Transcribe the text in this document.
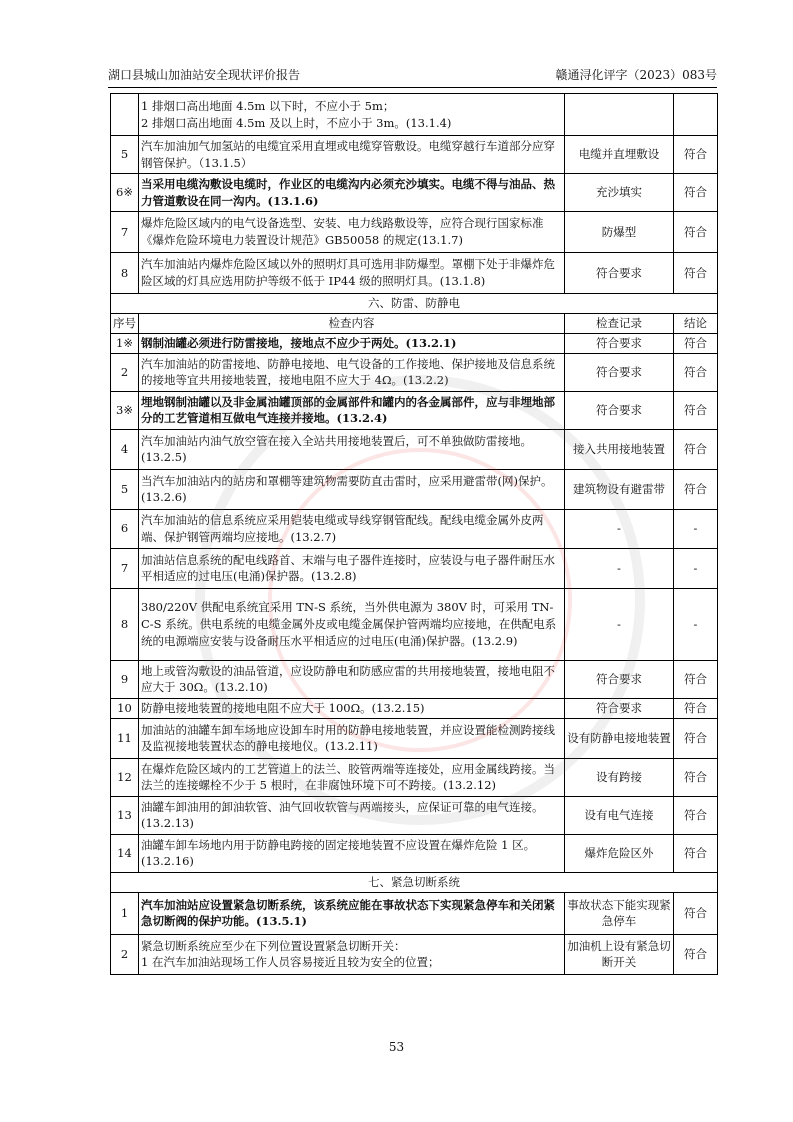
湖口县城山加油站安全现状评价报告	赣通浔化评字（2023）083号

	1 排烟口高出地面 4.5m 以下时，不应小于 5m；
2 排烟口高出地面 4.5m 及以上时，不应小于 3m。(13.1.4)		

5	汽车加油加气加氢站的电缆宜采用直埋或电缆穿管敷设。电缆穿越行车道部分应穿钢管保护。（13.1.5）	电缆并直埋敷设	符合
6※	当采用电缆沟敷设电缆时，作业区的电缆沟内必须充沙填实。电缆不得与油品、热力管道敷设在同一沟内。(13.1.6)	充沙填实	符合
7	爆炸危险区域内的电气设备选型、安装、电力线路敷设等，应符合现行国家标准《爆炸危险环境电力装置设计规范》GB50058 的规定(13.1.7)	防爆型	符合
8	汽车加油站内爆炸危险区域以外的照明灯具可选用非防爆型。罩棚下处于非爆炸危险区域的灯具应选用防护等级不低于 IP44 级的照明灯具。(13.1.8)	符合要求	符合
六、防雷、防静电			
序号	检查内容	检查记录	结论
1※	钢制油罐必须进行防雷接地，接地点不应少于两处。(13.2.1)	符合要求	符合
2	汽车加油站的防雷接地、防静电接地、电气设备的工作接地、保护接地及信息系统的接地等宜共用接地装置，接地电阻不应大于 4Ω。(13.2.2)	符合要求	符合
3※	埋地钢制油罐以及非金属油罐顶部的金属部件和罐内的各金属部件，应与非埋地部分的工艺管道相互做电气连接并接地。(13.2.4)	符合要求	符合
4	汽车加油站内油气放空管在接入全站共用接地装置后，可不单独做防雷接地。(13.2.5)	接入共用接地装置	符合
5	当汽车加油站内的站房和罩棚等建筑物需要防直击雷时，应采用避雷带(网)保护。(13.2.6)	建筑物设有避雷带	符合
6	汽车加油站的信息系统应采用铠装电缆或导线穿钢管配线。配线电缆金属外皮两端、保护钢管两端均应接地。(13.2.7)	-	-
7	加油站信息系统的配电线路首、末端与电子器件连接时，应装设与电子器件耐压水平相适应的过电压(电涌)保护器。(13.2.8)	-	-
8	380/220V 供配电系统宜采用 TN-S 系统，当外供电源为 380V 时，可采用 TN-C-S 系统。供电系统的电缆金属外皮或电缆金属保护管两端均应接地，在供配电系统的电源端应安装与设备耐压水平相适应的过电压(电涌)保护器。(13.2.9)	-	-
9	地上或管沟敷设的油品管道，应设防静电和防感应雷的共用接地装置，接地电阻不应大于 30Ω。(13.2.10)	符合要求	符合
10	防静电接地装置的接地电阻不应大于 100Ω。(13.2.15)	符合要求	符合
11	加油站的油罐车卸车场地应设卸车时用的防静电接地装置，并应设置能检测跨接线及监视接地装置状态的静电接地仪。(13.2.11)	设有防静电接地装置	符合
12	在爆炸危险区域内的工艺管道上的法兰、胶管两端等连接处，应用金属线跨接。当法兰的连接螺栓不少于 5 根时，在非腐蚀环境下可不跨接。(13.2.12)	设有跨接	符合
13	油罐车卸油用的卸油软管、油气回收软管与两端接头，应保证可靠的电气连接。(13.2.13)	设有电气连接	符合
14	油罐车卸车场地内用于防静电跨接的固定接地装置不应设置在爆炸危险 1 区。(13.2.16)	爆炸危险区外	符合
七、紧急切断系统			
1	汽车加油站应设置紧急切断系统，该系统应能在事故状态下实现紧急停车和关闭紧急切断阀的保护功能。(13.5.1)	事故状态下能实现紧急停车	符合
2	紧急切断系统应至少在下列位置设置紧急切断开关：
1 在汽车加油站现场工作人员容易接近且较为安全的位置；	加油机上设有紧急切断开关	符合
53
